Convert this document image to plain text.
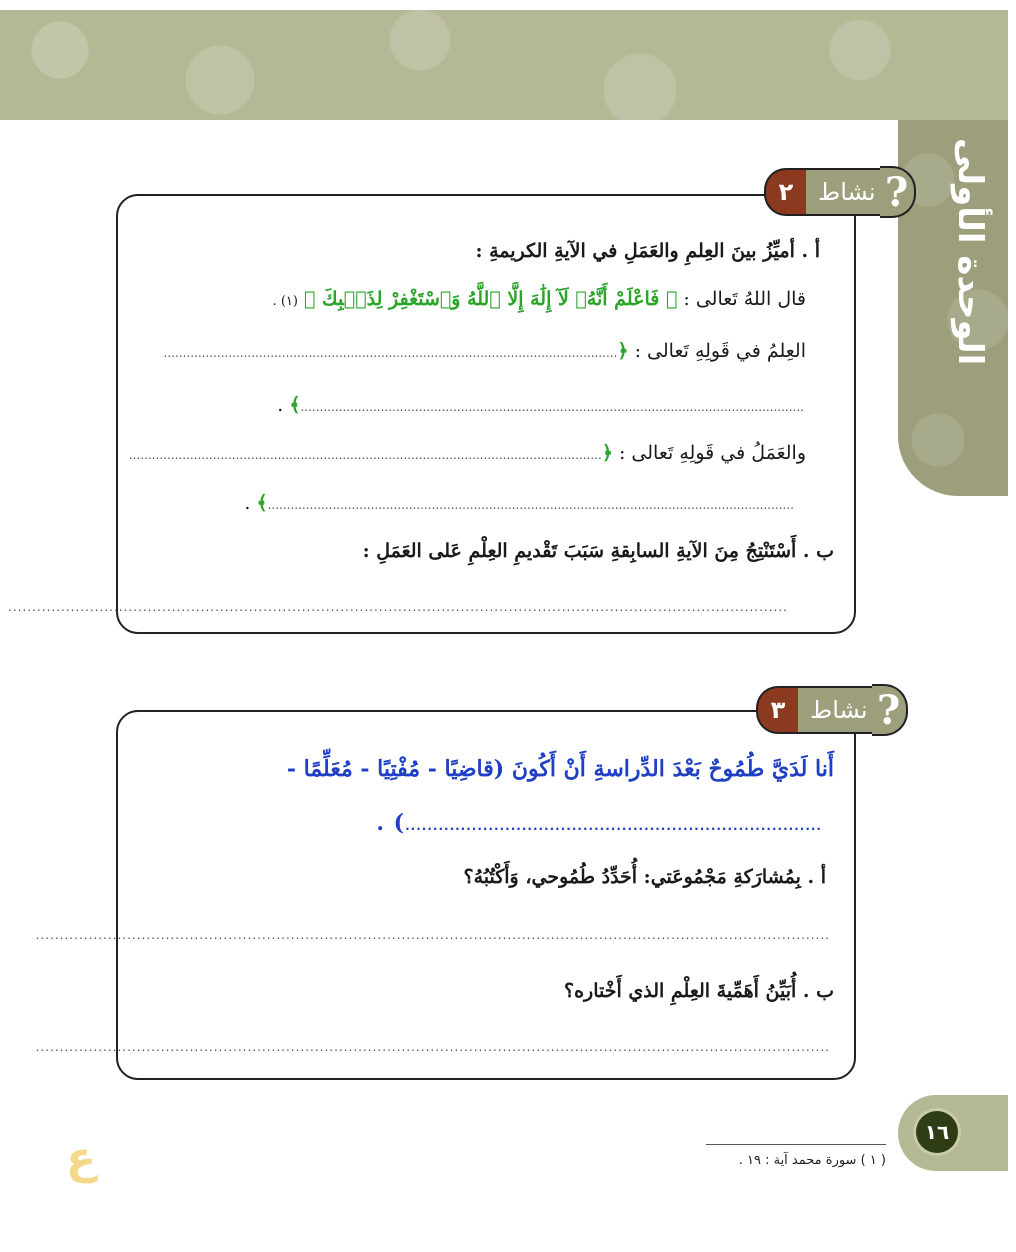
الوحدة الأولى
٢	نشاط ?
أ . أميِّزُ بينَ العِلمِ والعَمَلِ في الآيةِ الكريمةِ :
قال اللهُ تَعالى : ﴿ فَاعْلَمْ أَنَّهُۥ لَآ إِلَٰهَ إِلَّا ٱللَّهُ وَٱسْتَغْفِرْ لِذَنۢبِكَ ﴾ (١) .
العِلمُ في قَولِهِ تَعالى : ﴿.......................................................................................................................
....................................................................................................................................﴾ .
والعَمَلُ في قَولِهِ تَعالى : ﴿............................................................................................................................
..........................................................................................................................................﴾ .
ب . أَسْتَنْتِجُ مِنَ الآيةِ السابِقةِ سَبَبَ تَقْديمِ العِلْمِ عَلى العَمَلِ :
..................................................................................................................................................................
٣	نشاط ?
أَنا لَدَيَّ طُمُوحٌ بَعْدَ الدِّراسةِ أَنْ أَكُونَ (قاضِيًا - مُفْتِيًا - مُعَلِّمًا -
...........................................................................) .
أ . بِمُشارَكةِ مَجْمُوعَتي: أُحَدِّدُ طُمُوحي، وَأَكْتُبُهُ؟
.....................................................................................................................................................................
ب . أُبَيِّنُ أَهَمِّيةَ العِلْمِ الذي أَخْتاره؟
.....................................................................................................................................................................
١٦
( ١ ) سورة محمد آية : ١٩ .
ع
